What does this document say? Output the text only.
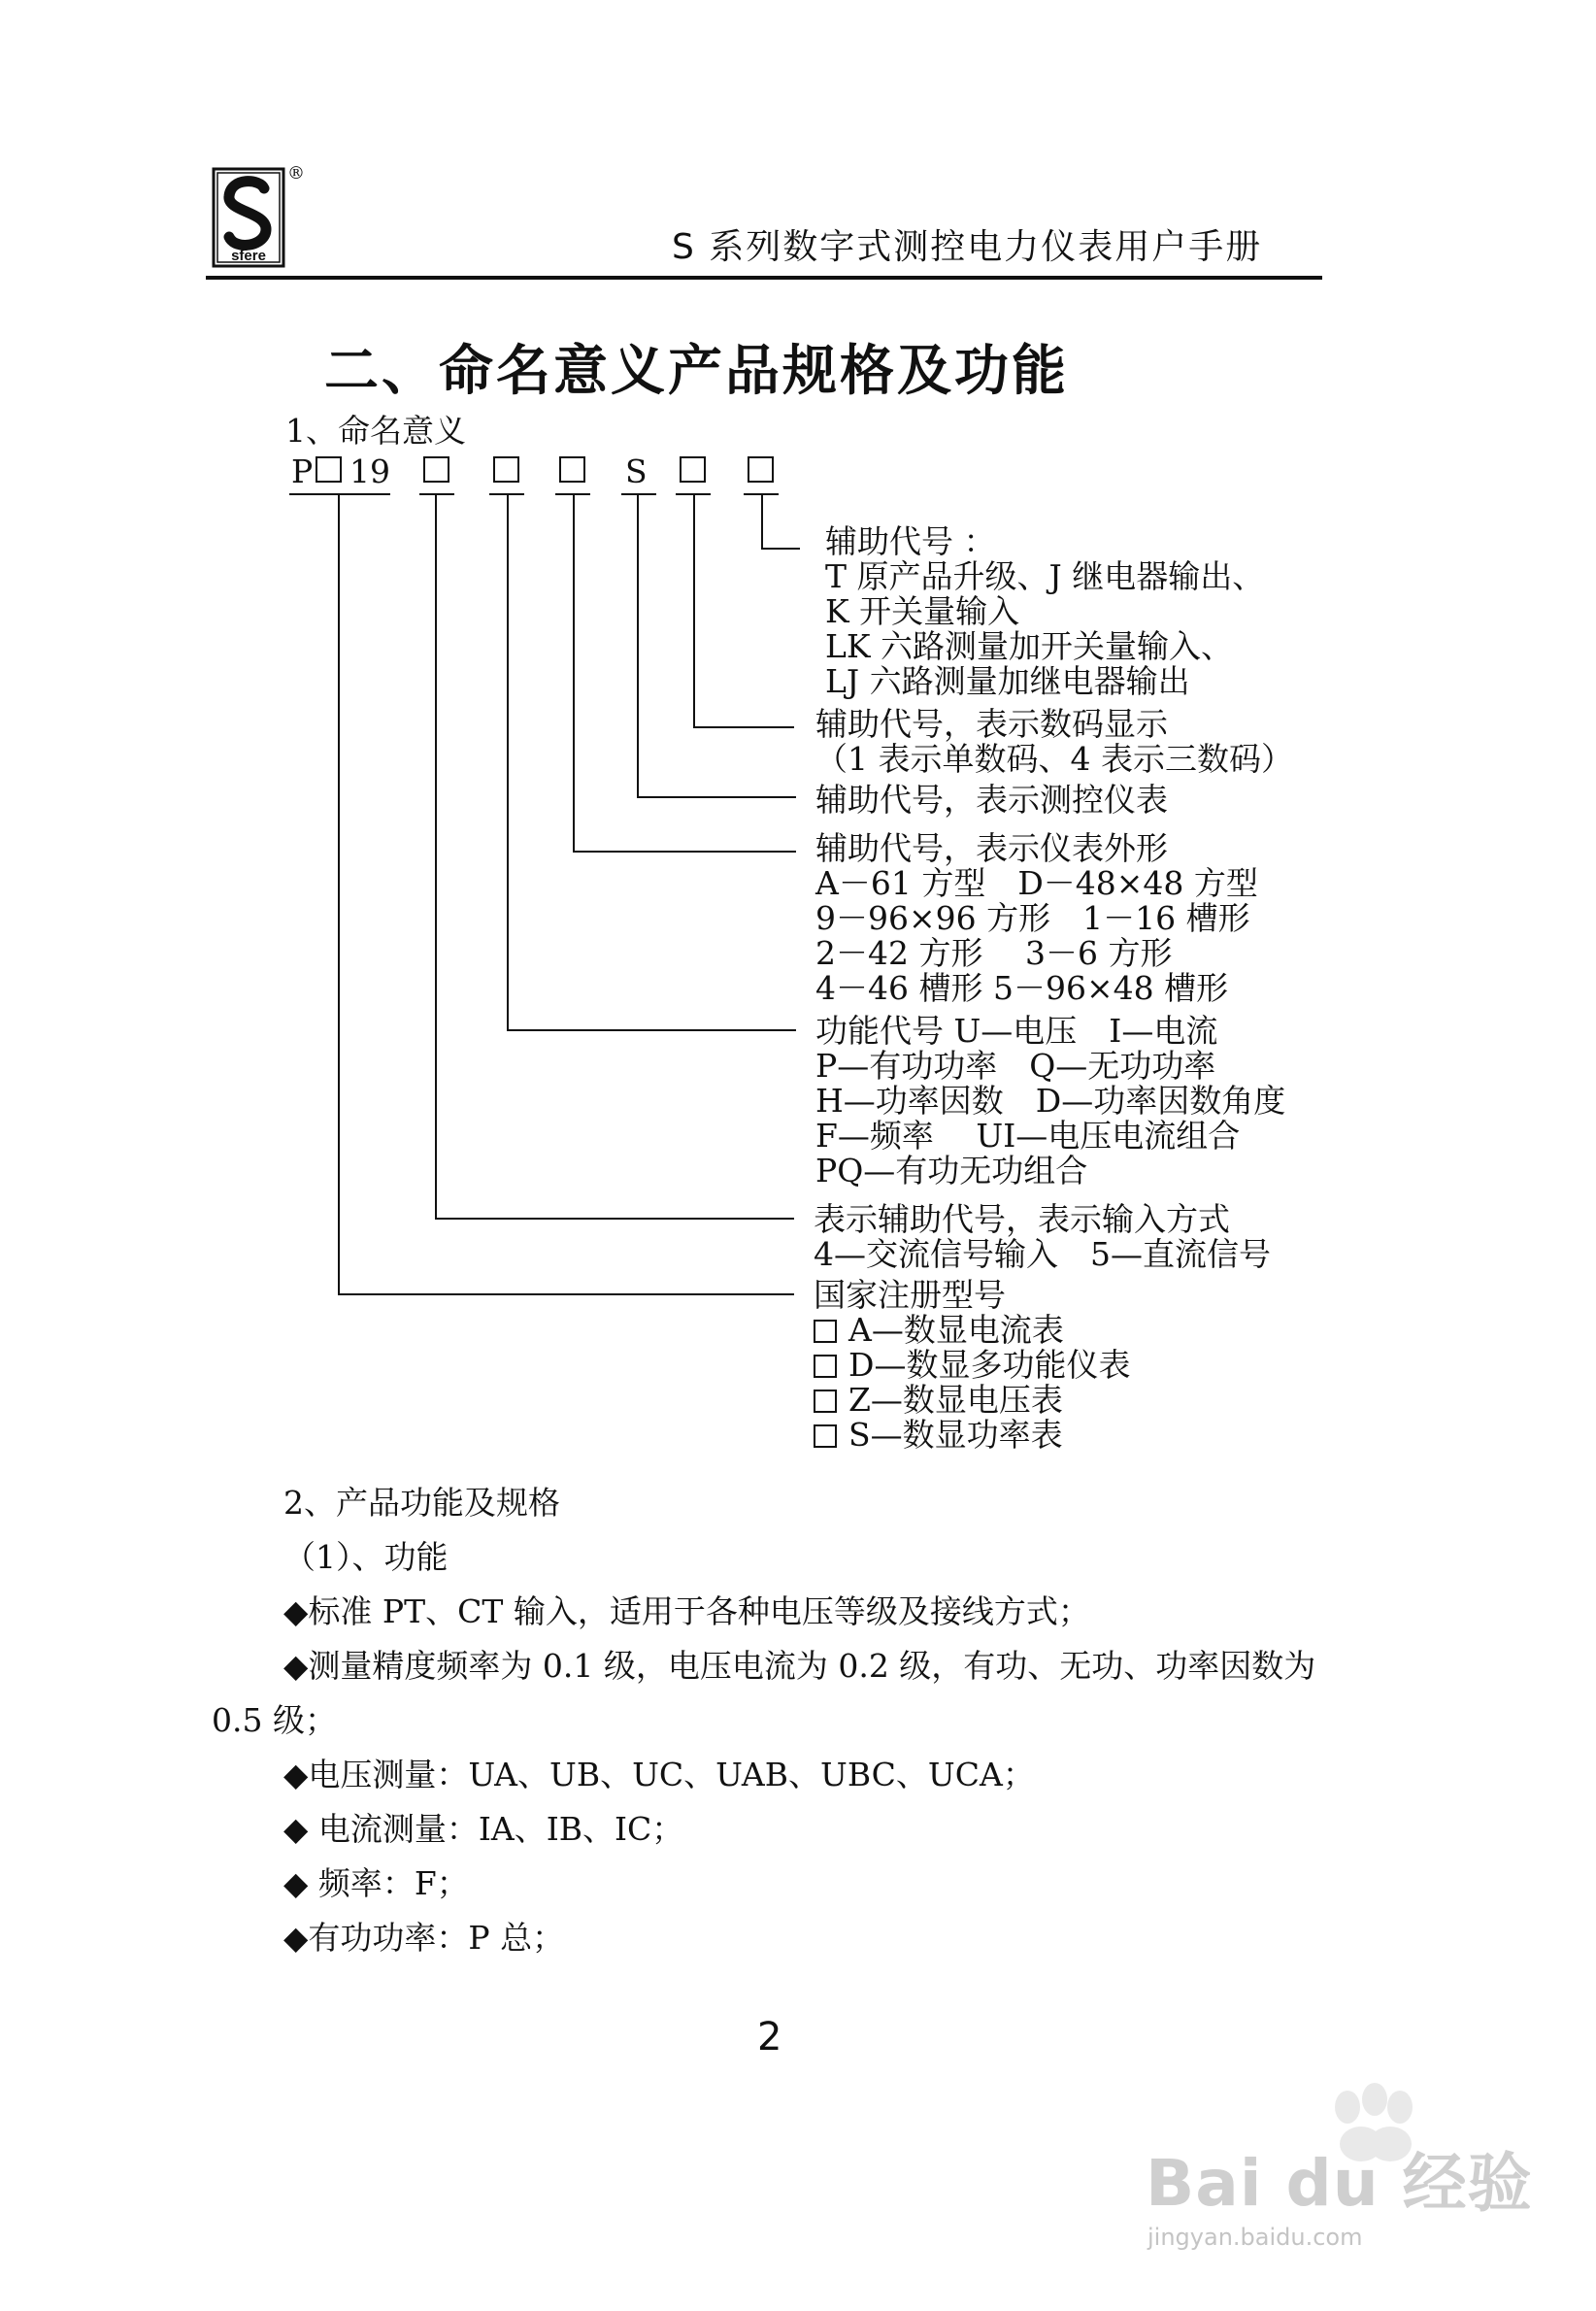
sfere
®
S 系列数字式测控电力仪表用户手册
二、命名意义产品规格及功能
1、命名意义
P 19	S
辅助代号 ：
T 原产品升级、J 继电器输出、
K 开关量输入
LK 六路测量加开关量输入、
LJ 六路测量加继电器输出
辅助代号，表示数码显示
（1 表示单数码、4 表示三数码）
辅助代号，表示测控仪表
辅助代号，表示仪表外形
A－61 方型　D－48×48 方型
9－96×96 方形　1－16 槽形
2－42 方形　 3－6 方形
4－46 槽形 5－96×48 槽形
功能代号 U—电压　I—电流
P—有功功率　Q—无功功率
H—功率因数　D—功率因数角度
F—频率　 UI—电压电流组合
PQ—有功无功组合
表示辅助代号，表示输入方式
4—交流信号输入　5—直流信号
国家注册型号
A—数显电流表
D—数显多功能仪表
Z—数显电压表
S—数显功率表
2、产品功能及规格
（1）、功能
◆标准 PT、CT 输入，适用于各种电压等级及接线方式；
◆测量精度频率为 0.1 级，电压电流为 0.2 级，有功、无功、功率因数为
0.5 级；
◆电压测量：UA、UB、UC、UAB、UBC、UCA；
◆ 电流测量：IA、IB、IC；
◆ 频率：F；
◆有功功率：P 总；
2
Bai du 经验
jingyan.baidu.com
